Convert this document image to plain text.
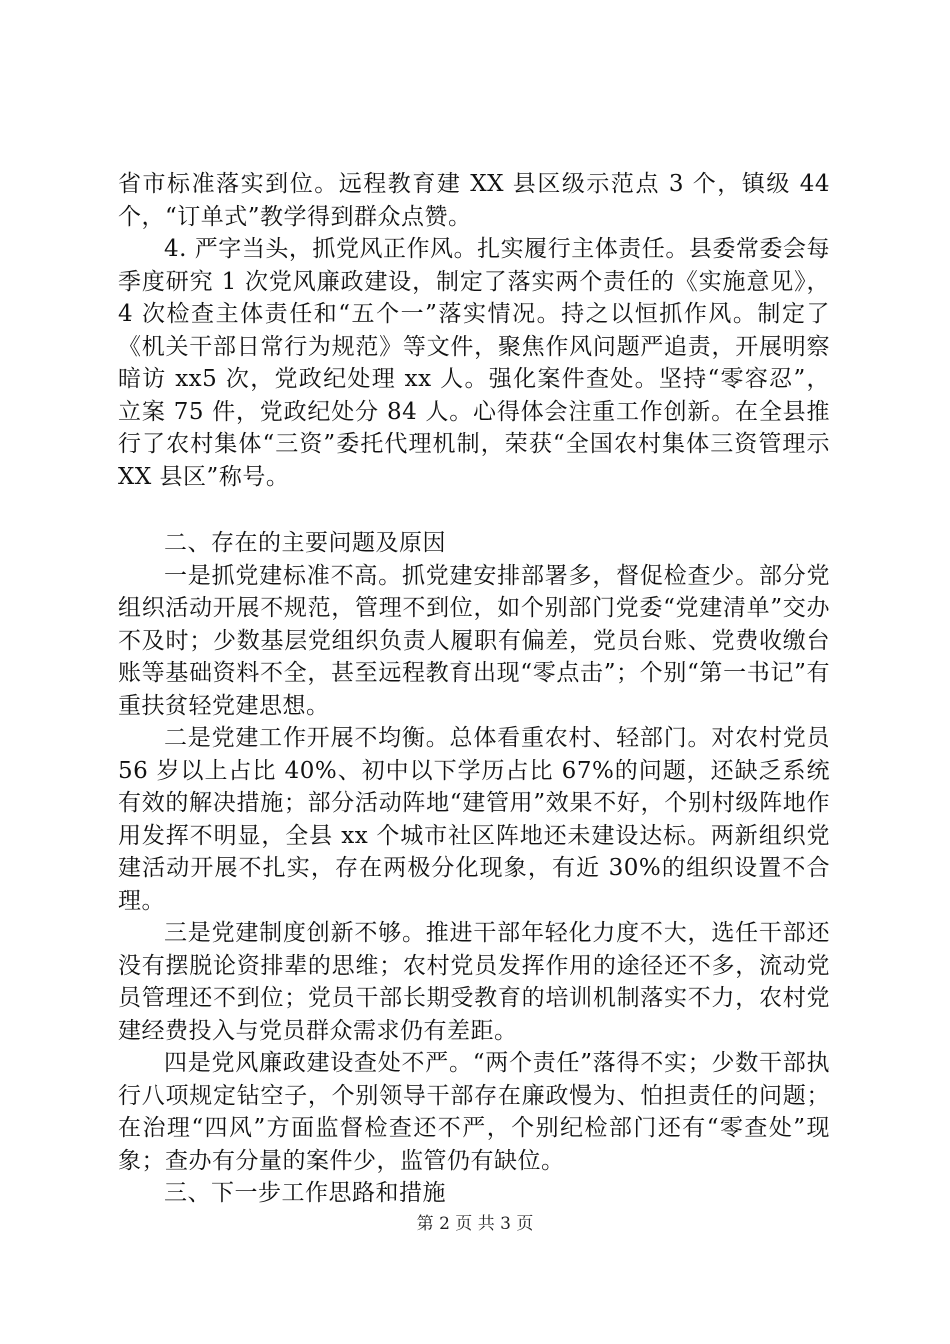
省市标准落实到位。远程教育建 XX 县区级示范点 3 个，镇级 44 个，“订单式”教学得到群众点赞。

4. 严字当头，抓党风正作风。扎实履行主体责任。县委常委会每季度研究 1 次党风廉政建设，制定了落实两个责任的《实施意见》，4 次检查主体责任和“五个一”落实情况。持之以恒抓作风。制定了《机关干部日常行为规范》等文件，聚焦作风问题严追责，开展明察暗访 xx5 次，党政纪处理 xx 人。强化案件查处。坚持“零容忍”，立案 75 件，党政纪处分 84 人。心得体会注重工作创新。在全县推行了农村集体“三资”委托代理机制，荣获“全国农村集体三资管理示 XX 县区”称号。

二、存在的主要问题及原因

一是抓党建标准不高。抓党建安排部署多，督促检查少。部分党组织活动开展不规范，管理不到位，如个别部门党委“党建清单”交办不及时；少数基层党组织负责人履职有偏差，党员台账、党费收缴台账等基础资料不全，甚至远程教育出现“零点击”；个别“第一书记”有重扶贫轻党建思想。

二是党建工作开展不均衡。总体看重农村、轻部门。对农村党员 56 岁以上占比 40%、初中以下学历占比 67%的问题，还缺乏系统有效的解决措施；部分活动阵地“建管用”效果不好，个别村级阵地作用发挥不明显，全县 xx 个城市社区阵地还未建设达标。两新组织党建活动开展不扎实，存在两极分化现象，有近 30%的组织设置不合理。

三是党建制度创新不够。推进干部年轻化力度不大，选任干部还没有摆脱论资排辈的思维；农村党员发挥作用的途径还不多，流动党员管理还不到位；党员干部长期受教育的培训机制落实不力，农村党建经费投入与党员群众需求仍有差距。

四是党风廉政建设查处不严。“两个责任”落得不实；少数干部执行八项规定钻空子，个别领导干部存在廉政慢为、怕担责任的问题；在治理“四风”方面监督检查还不严，个别纪检部门还有“零查处”现象；查办有分量的案件少，监管仍有缺位。

三、下一步工作思路和措施

第 2 页 共 3 页
